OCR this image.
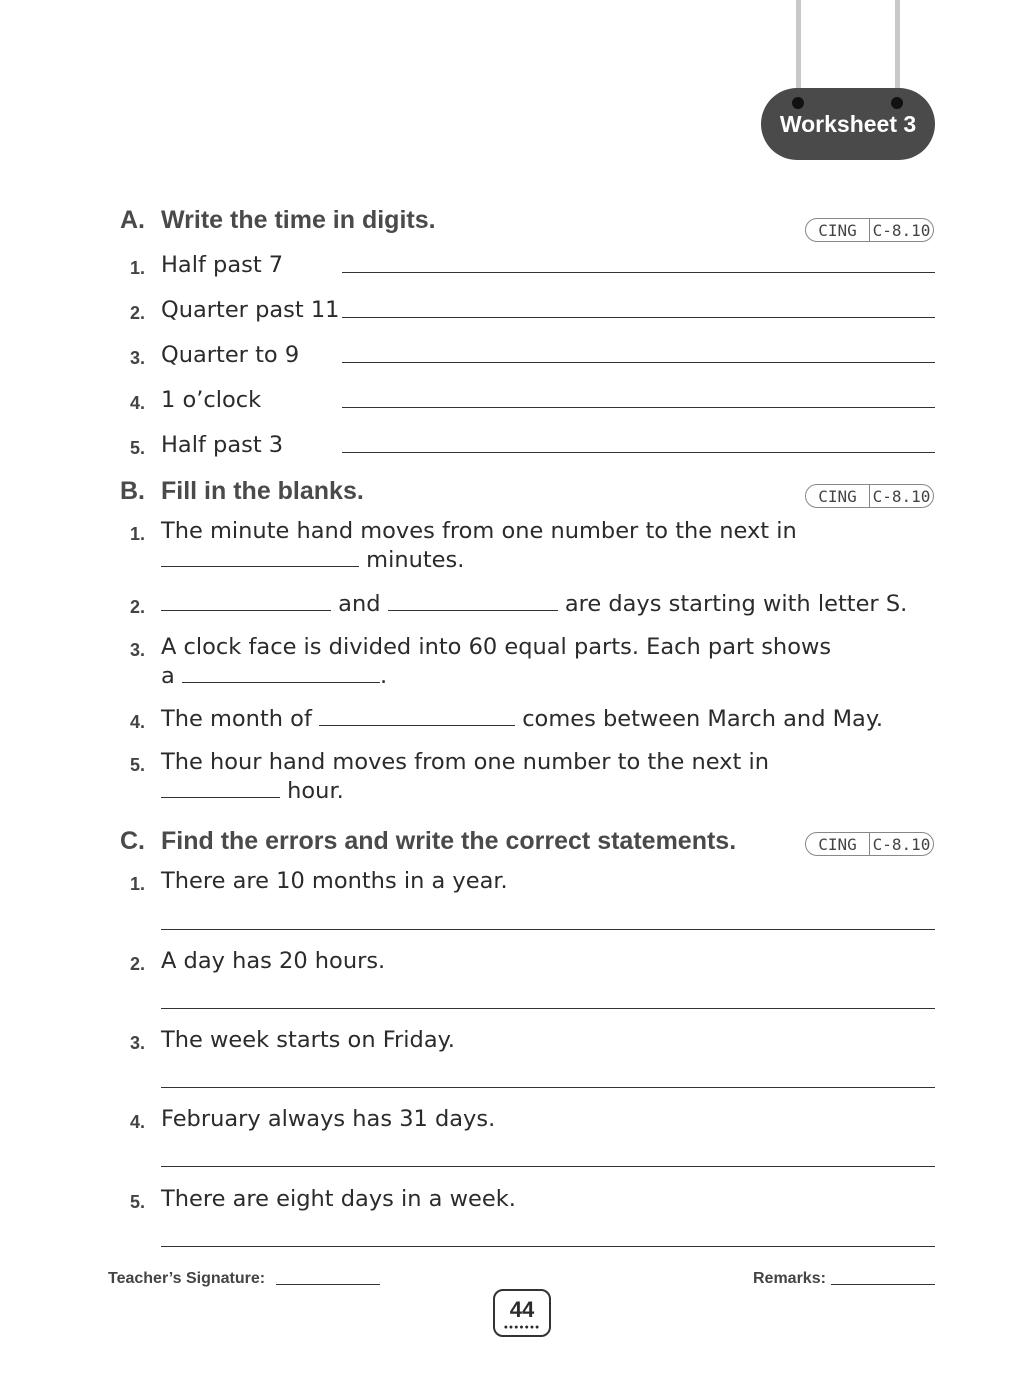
Worksheet 3
A. Write the time in digits.	CING C-8.10
1. Half past 7
2. Quarter past 11
3. Quarter to 9
4. 1 o’clock
5. Half past 3
B. Fill in the blanks.	CING C-8.10
1. The minute hand moves from one number to the next in
minutes.
2.	and	are days starting with letter S.
3. A clock face is divided into 60 equal parts. Each part shows
a	.
4. The month of	comes between March and May.
5. The hour hand moves from one number to the next in
hour.
C. Find the errors and write the correct statements.	CING C-8.10
1. There are 10 months in a year.
2. A day has 20 hours.
3. The week starts on Friday.
4. February always has 31 days.
5. There are eight days in a week.
Teacher’s Signature:	Remarks:
44
●●●●●●●
